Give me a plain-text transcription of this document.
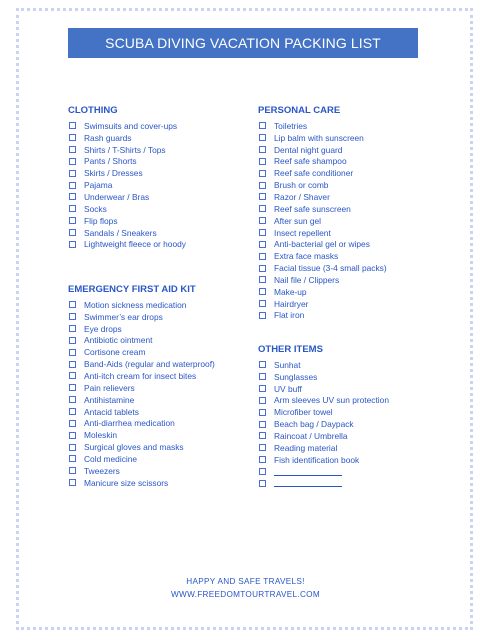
SCUBA DIVING VACATION PACKING LIST
CLOTHING
Swimsuits and cover-ups
Rash guards
Shirts / T-Shirts / Tops
Pants / Shorts
Skirts / Dresses
Pajama
Underwear / Bras
Socks
Flip flops
Sandals / Sneakers
Lightweight fleece or hoody
EMERGENCY FIRST AID KIT
Motion sickness medication
Swimmer’s ear drops
Eye drops
Antibiotic ointment
Cortisone cream
Band-Aids (regular and waterproof)
Anti-itch cream for insect bites
Pain relievers
Antihistamine
Antacid tablets
Anti-diarrhea medication
Moleskin
Surgical gloves and masks
Cold medicine
Tweezers
Manicure size scissors
PERSONAL CARE
Toiletries
Lip balm with sunscreen
Dental night guard
Reef safe shampoo
Reef safe conditioner
Brush or comb
Razor / Shaver
Reef safe sunscreen
After sun gel
Insect repellent
Anti-bacterial gel or wipes
Extra face masks
Facial tissue (3-4 small packs)
Nail file / Clippers
Make-up
Hairdryer
Flat iron
OTHER ITEMS
Sunhat
Sunglasses
UV buff
Arm sleeves UV sun protection
Microfiber towel
Beach bag / Daypack
Raincoat / Umbrella
Reading material
Fish identification book
HAPPY AND SAFE TRAVELS!
WWW.FREEDOMTOURTRAVEL.COM
